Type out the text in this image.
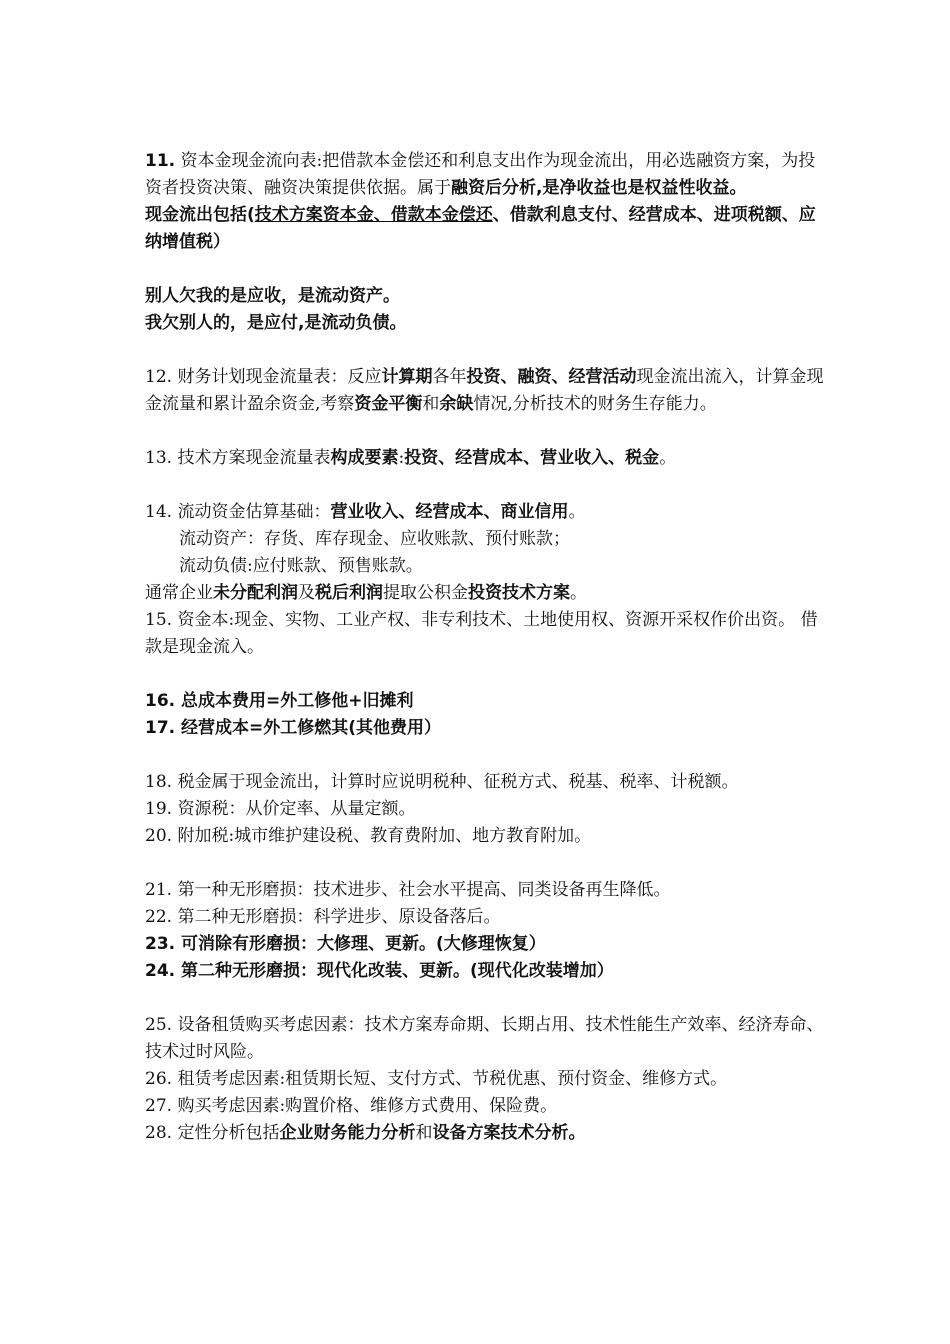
11. 资本金现金流向表:把借款本金偿还和利息支出作为现金流出，用必选融资方案，为投资者投资决策、融资决策提供依据。属于融资后分析,是净收益也是权益性收益。

现金流出包括(技术方案资本金、借款本金偿还、借款利息支付、经营成本、进项税额、应纳增值税）

别人欠我的是应收，是流动资产。

我欠别人的，是应付,是流动负债。

12. 财务计划现金流量表：反应计算期各年投资、融资、经营活动现金流出流入，计算金现金流量和累计盈余资金,考察资金平衡和余缺情况,分析技术的财务生存能力。

13. 技术方案现金流量表构成要素:投资、经营成本、营业收入、税金。

14. 流动资金估算基础：营业收入、经营成本、商业信用。

流动资产：存货、库存现金、应收账款、预付账款；

流动负债:应付账款、预售账款。

通常企业未分配利润及税后利润提取公积金投资技术方案。

15. 资金本:现金、实物、工业产权、非专利技术、土地使用权、资源开采权作价出资。 借款是现金流入。

16. 总成本费用=外工修他+旧摊利

17. 经营成本=外工修燃其(其他费用）

18. 税金属于现金流出，计算时应说明税种、征税方式、税基、税率、计税额。

19. 资源税：从价定率、从量定额。

20. 附加税:城市维护建设税、教育费附加、地方教育附加。

21. 第一种无形磨损：技术进步、社会水平提高、同类设备再生降低。

22. 第二种无形磨损：科学进步、原设备落后。

23. 可消除有形磨损：大修理、更新。(大修理恢复）

24. 第二种无形磨损：现代化改装、更新。(现代化改装增加）

25. 设备租赁购买考虑因素：技术方案寿命期、长期占用、技术性能生产效率、经济寿命、技术过时风险。

26. 租赁考虑因素:租赁期长短、支付方式、节税优惠、预付资金、维修方式。

27. 购买考虑因素:购置价格、维修方式费用、保险费。

28. 定性分析包括企业财务能力分析和设备方案技术分析。
